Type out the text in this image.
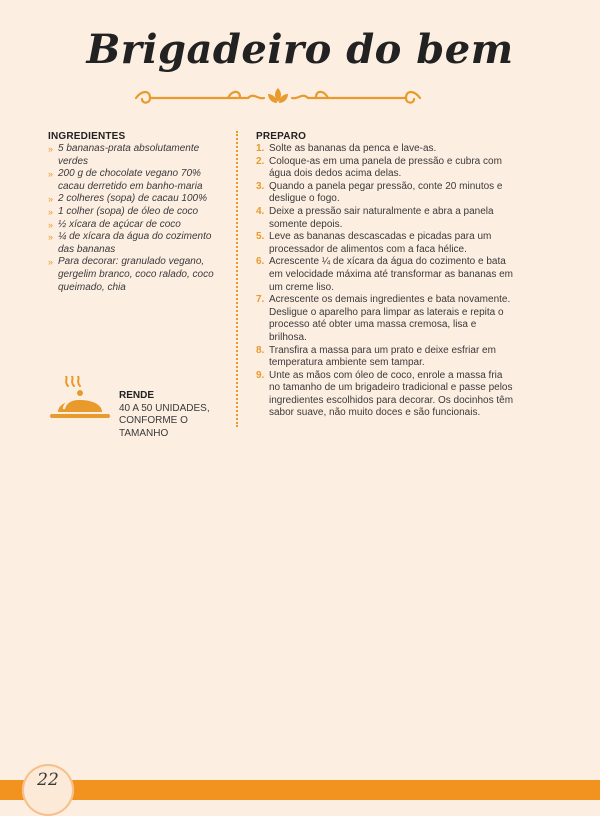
Brigadeiro do bem
INGREDIENTES
» 5 bananas-prata absolutamente verdes
» 200 g de chocolate vegano 70% cacau derretido em banho-maria
» 2 colheres (sopa) de cacau 100%
» 1 colher (sopa) de óleo de coco
» ½ xícara de açúcar de coco
» ¼ de xícara da água do cozimento das bananas
» Para decorar: granulado vegano, gergelim branco, coco ralado, coco queimado, chia
PREPARO
1. Solte as bananas da penca e lave-as.
2. Coloque-as em uma panela de pressão e cubra com água dois dedos acima delas.
3. Quando a panela pegar pressão, conte 20 minutos e desligue o fogo.
4. Deixe a pressão sair naturalmente e abra a panela somente depois.
5. Leve as bananas descascadas e picadas para um processador de alimentos com a faca hélice.
6. Acrescente ¼ de xícara da água do cozimento e bata em velocidade máxima até transformar as bananas em um creme liso.
7. Acrescente os demais ingredientes e bata novamente. Desligue o aparelho para limpar as laterais e repita o processo até obter uma massa cremosa, lisa e brilhosa.
8. Transfira a massa para um prato e deixe esfriar em temperatura ambiente sem tampar.
9. Unte as mãos com óleo de coco, enrole a massa fria no tamanho de um brigadeiro tradicional e passe pelos ingredientes escolhidos para decorar. Os docinhos têm sabor suave, não muito doces e são funcionais.
RENDE
40 A 50 UNIDADES, CONFORME O TAMANHO
22
